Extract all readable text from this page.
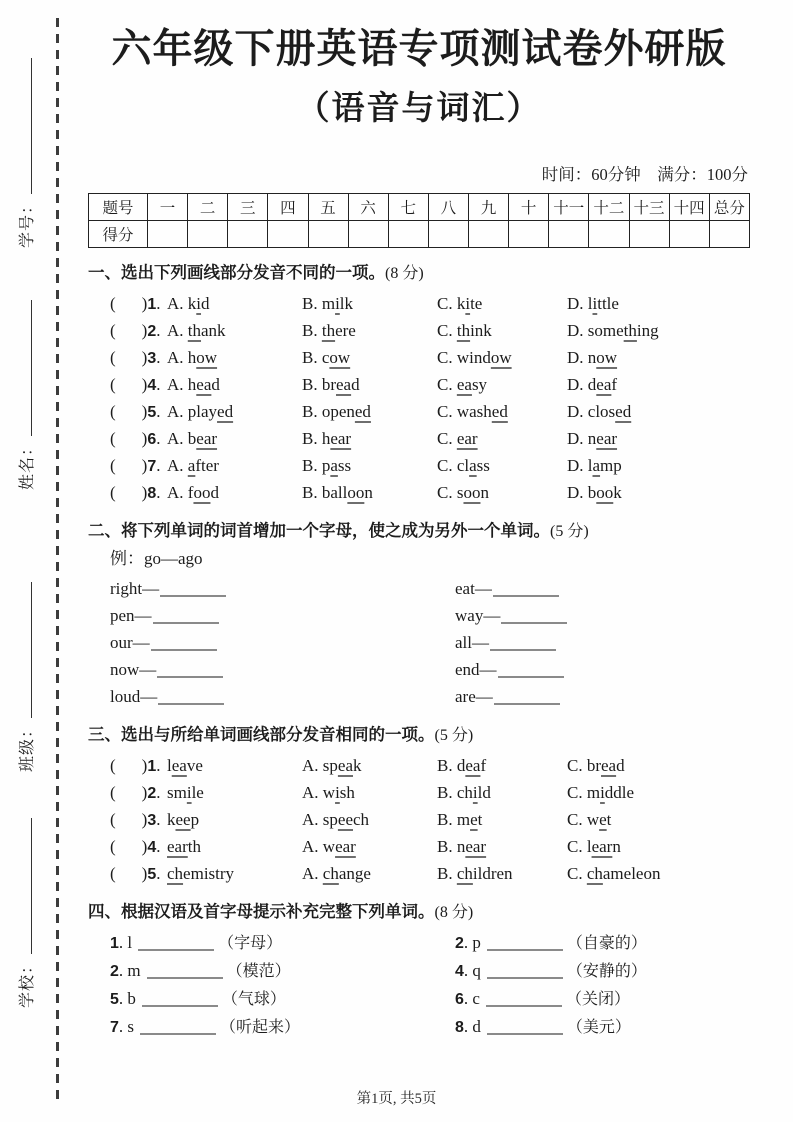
学号：
姓名：
班级：
学校：
六年级下册英语专项测试卷外研版
（语音与词汇）
时间：60分钟　满分：100分
题号	一	二	三	四	五	六	七	八	九	十	十一	十二	十三	十四	总分
得分															
一、选出下列画线部分发音不同的一项。(8 分)
( )1. A. kid	B. milk	C. kite	D. little
( )2. A. thank	B. there	C. think	D. something
( )3. A. how	B. cow	C. window	D. now
( )4. A. head	B. bread	C. easy	D. deaf
( )5. A. played	B. opened	C. washed	D. closed
( )6. A. bear	B. hear	C. ear	D. near
( )7. A. after	B. pass	C. class	D. lamp
( )8. A. food	B. balloon	C. soon	D. book
二、将下列单词的词首增加一个字母，使之成为另外一个单词。(5 分)
例：go—ago
right—	eat—
pen—	way—
our—	all—
now—	end—
loud—	are—
三、选出与所给单词画线部分发音相同的一项。(5 分)
( )1. leave	A. speak	B. deaf	C. bread
( )2. smile	A. wish	B. child	C. middle
( )3. keep	A. speech	B. met	C. wet
( )4. earth	A. wear	B. near	C. learn
( )5. chemistry	A. change	B. children	C. chameleon
四、根据汉语及首字母提示补充完整下列单词。(8 分)
1. l	（字母）	2. p	（自豪的）
2. m	（模范）	4. q	（安静的）
5. b	（气球）	6. c	（关闭）
7. s	（听起来）	8. d	（美元）
第1页, 共5页
